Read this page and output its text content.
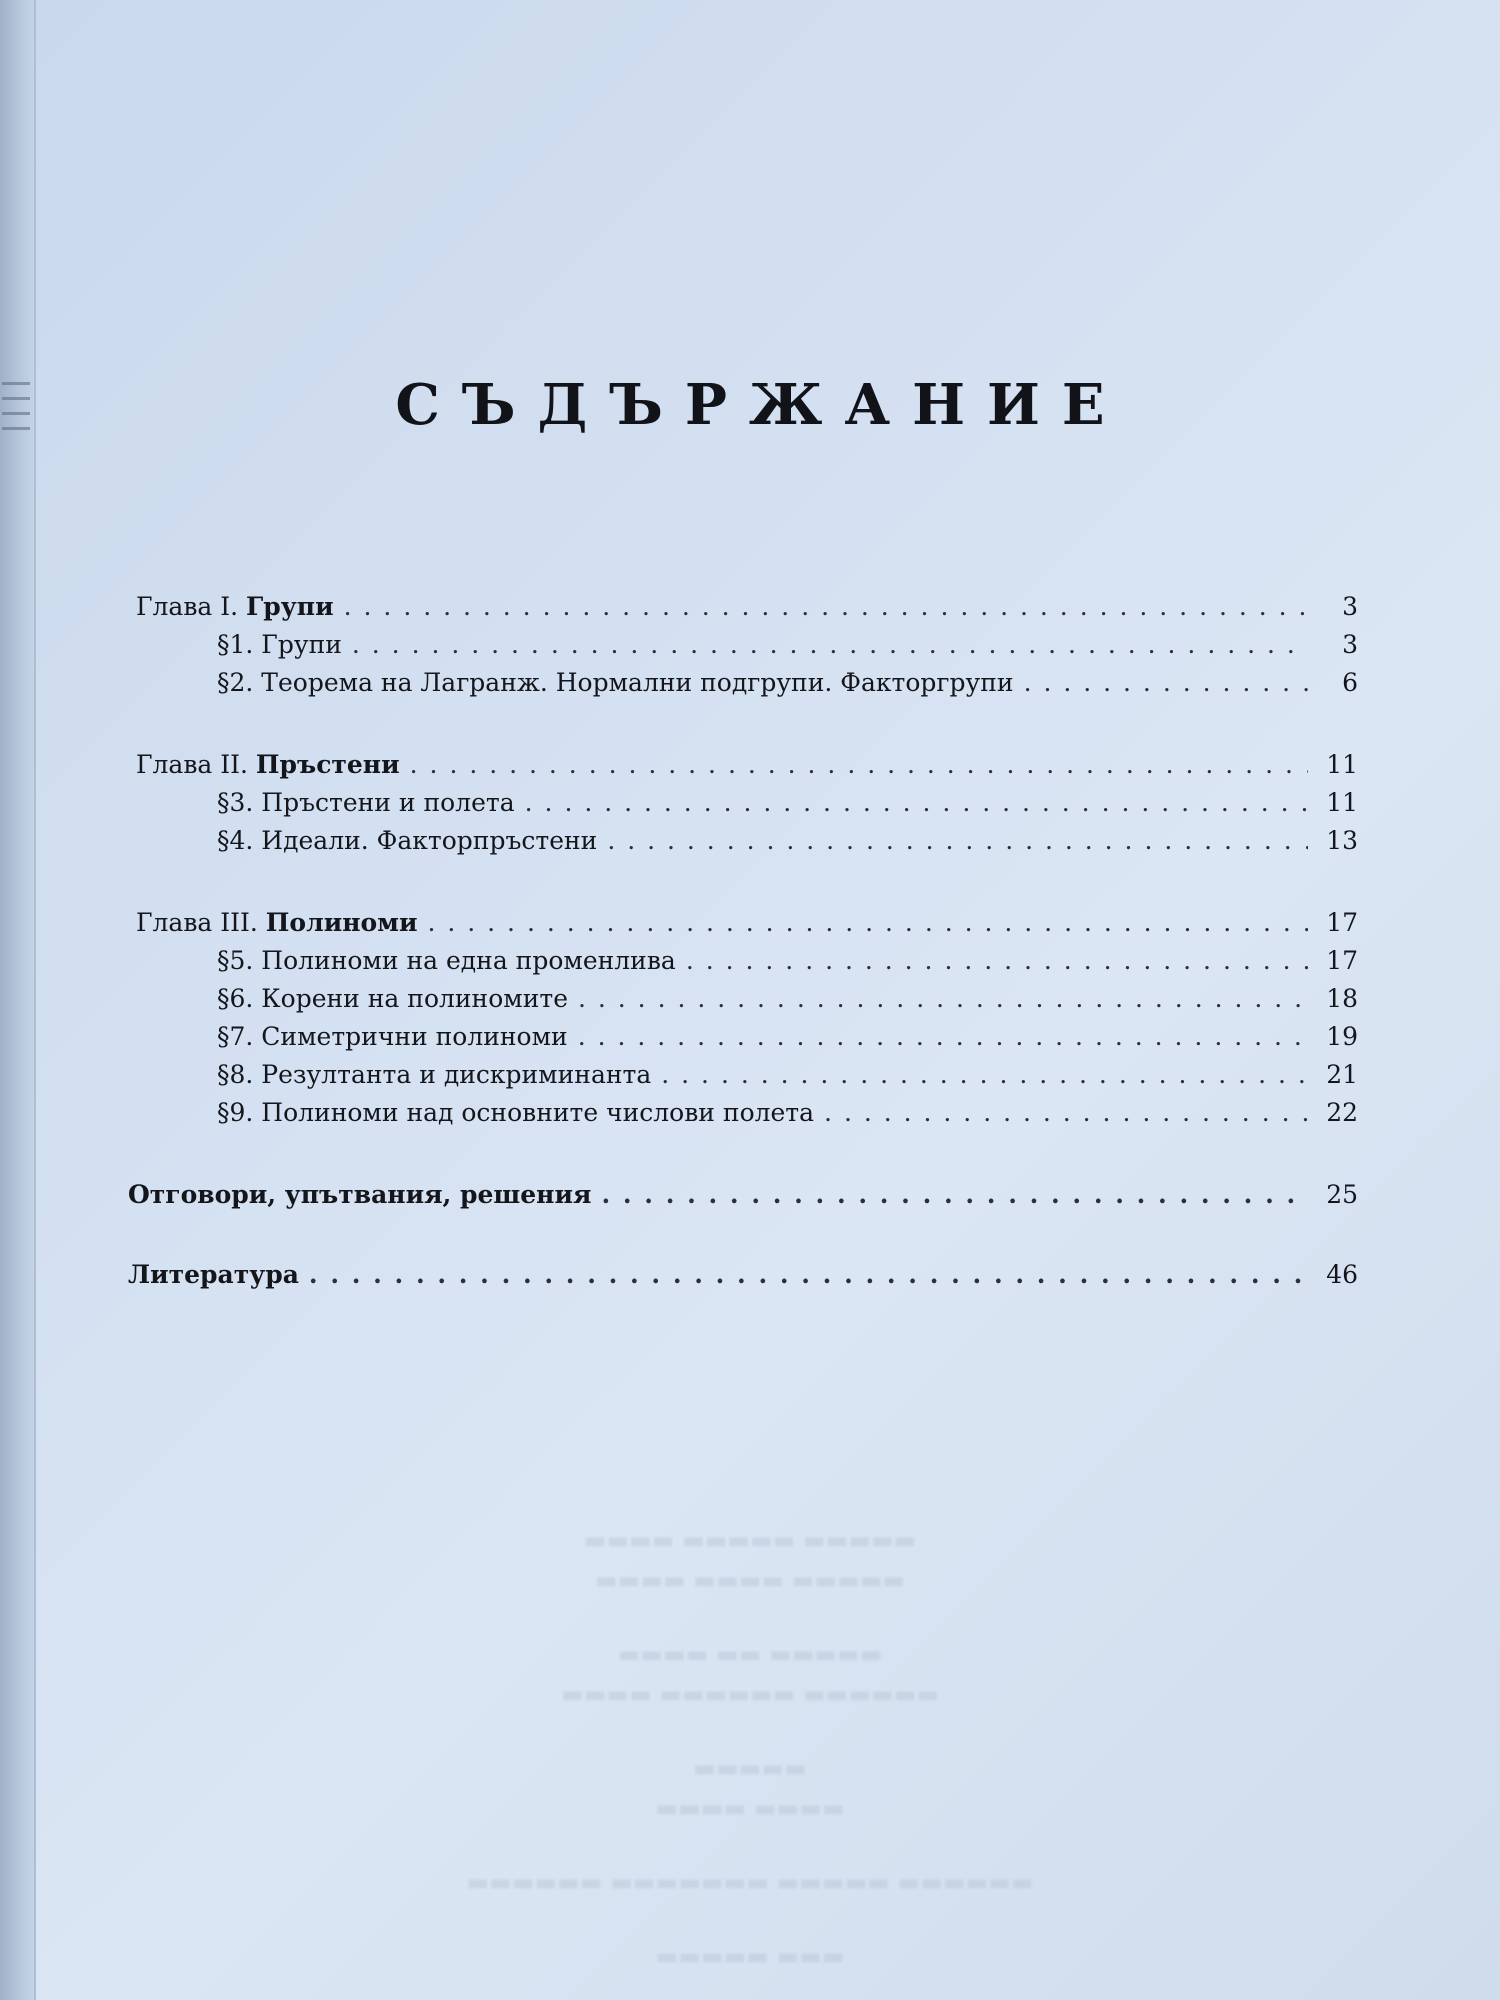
СЪДЪРЖАНИЕ
Глава I. Групи . . .	3
§1. Групи . . .	3
§2. Теорема на Лагранж. Нормални подгрупи. Факторгрупи . . .	6
Глава II. Пръстени . . .	11
§3. Пръстени и полета . . .	11
§4. Идеали. Факторпръстени . . .	13
Глава III. Полиноми . . .	17
§5. Полиноми на една променлива . . .	17
§6. Корени на полиномите . . .	18
§7. Симетрични полиноми . . .	19
§8. Резултанта и дискриминанта . . .	21
§9. Полиноми над основните числови полета . . .	22
Отговори, упътвания, решения . . .	25
Литература . . .	46

▬▬▬▬ ▬▬▬▬▬ ▬▬▬▬▬

▬▬▬▬ ▬▬▬▬ ▬▬▬▬▬

▬▬▬▬ ▬▬ ▬▬▬▬▬

▬▬▬▬ ▬▬▬▬▬▬ ▬▬▬▬▬▬

▬▬▬▬▬

▬▬▬▬ ▬▬▬▬

▬▬▬▬▬▬ ▬▬▬▬▬▬▬ ▬▬▬▬▬ ▬▬▬▬▬▬

▬▬▬▬▬ ▬▬▬
